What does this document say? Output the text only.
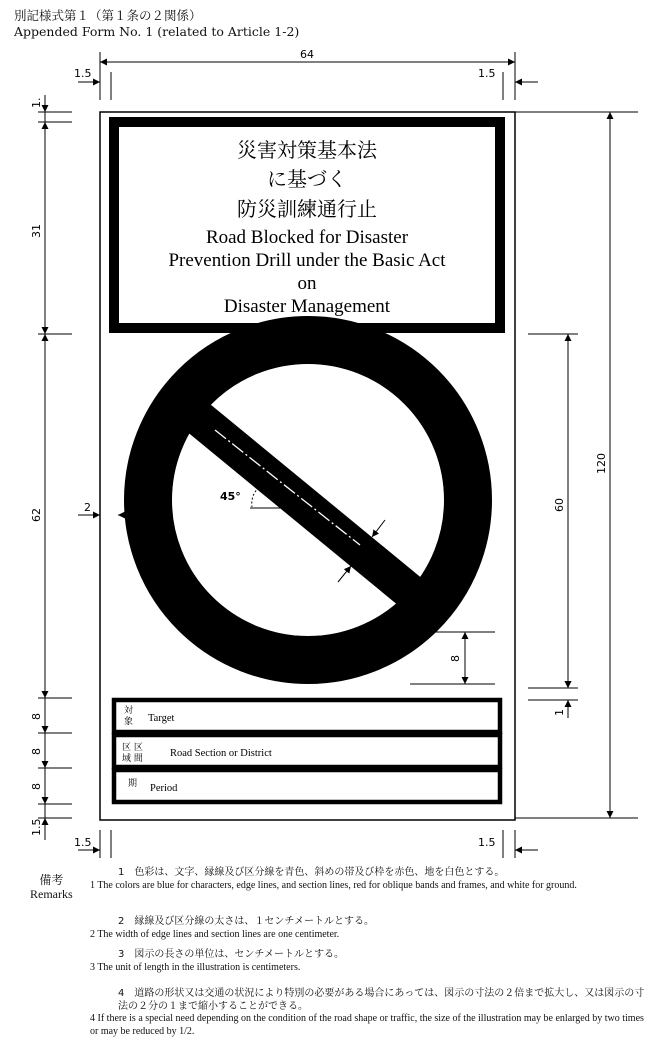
別記様式第１（第１条の２関係）
Appended Form No. 1 (related to Article 1-2)
災害対策基本法
に基づく
防災訓練通行止
Road Blocked for Disaster
Prevention Drill under the Basic Act
on
Disaster Management
45°
対
象 Target
区 区
域 間	Road Section or District
期 Period
64
1.5	1.5
1.5	1.5
1.
31
62
8
8
8
1.5
2
120
60
1
8
備考
Remarks
1　色彩は、文字、縁線及び区分線を青色、斜めの帯及び枠を赤色、地を白色とする。
1 The colors are blue for characters, edge lines, and section lines, red for oblique bands and frames, and white for ground.
2　縁線及び区分線の太さは、１センチメートルとする。
2 The width of edge lines and section lines are one centimeter.
3　図示の長さの単位は、センチメートルとする。
3 The unit of length in the illustration is centimeters.
4　道路の形状又は交通の状況により特別の必要がある場合にあっては、図示の寸法の２倍まで拡大し、又は図示の寸法の２分の１まで縮小することができる。
4 If there is a special need depending on the condition of the road shape or traffic, the size of the illustration may be enlarged by two times or may be reduced by 1/2.
